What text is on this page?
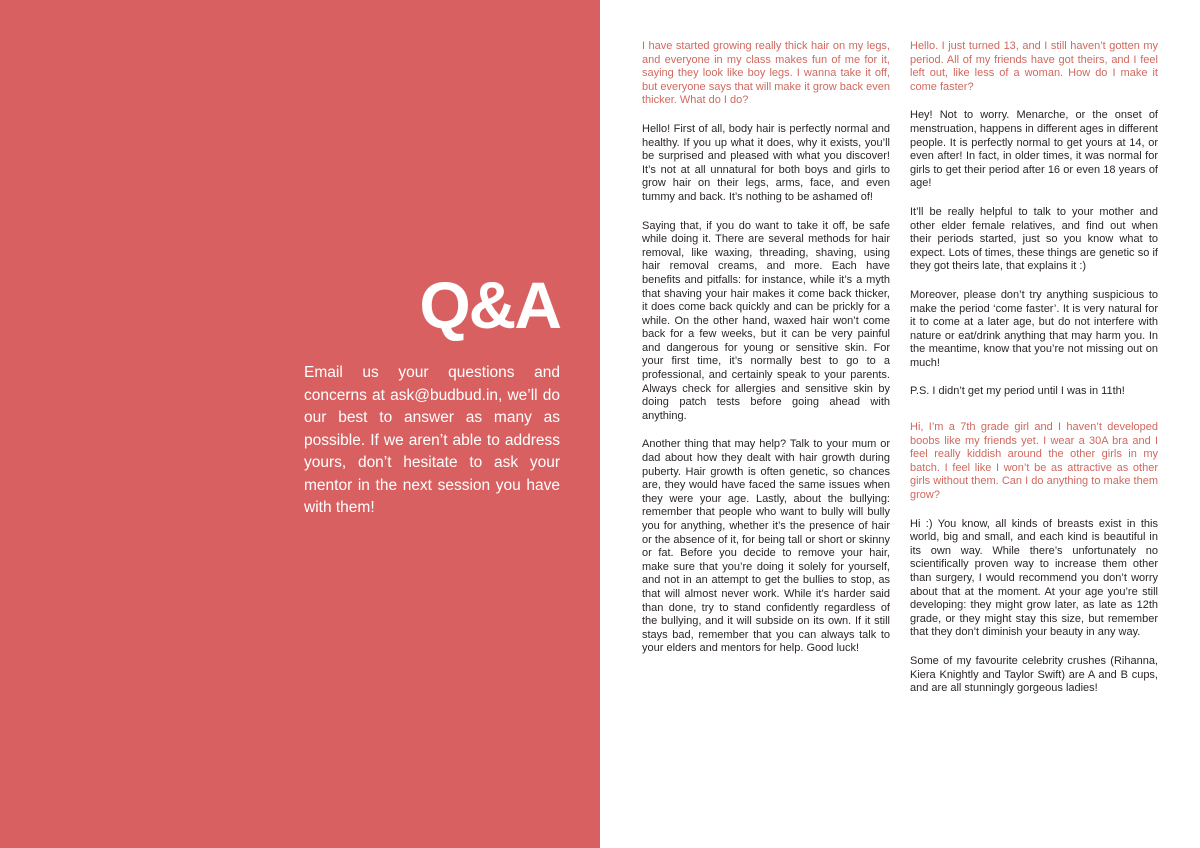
Q&A
Email us your questions and concerns at ask@budbud.in, we’ll do our best to answer as many as possible. If we aren’t able to address yours, don’t hesitate to ask your mentor in the next session you have with them!

I have started growing really thick hair on my legs, and everyone in my class makes fun of me for it, saying they look like boy legs. I wanna take it off, but everyone says that will make it grow back even thicker. What do I do?

Hello! First of all, body hair is perfectly normal and healthy. If you up what it does, why it exists, you’ll be surprised and pleased with what you discover! It’s not at all unnatural for both boys and girls to grow hair on their legs, arms, face, and even tummy and back. It’s nothing to be ashamed of!

Saying that, if you do want to take it off, be safe while doing it. There are several methods for hair removal, like waxing, threading, shaving, using hair removal creams, and more. Each have benefits and pitfalls: for instance, while it’s a myth that shaving your hair makes it come back thicker, it does come back quickly and can be prickly for a while. On the other hand, waxed hair won’t come back for a few weeks, but it can be very painful and dangerous for young or sensitive skin. For your first time, it’s normally best to go to a professional, and certainly speak to your parents. Always check for allergies and sensitive skin by doing patch tests before going ahead with anything.

Another thing that may help? Talk to your mum or dad about how they dealt with hair growth during puberty. Hair growth is often genetic, so chances are, they would have faced the same issues when they were your age. Lastly, about the bullying: remember that people who want to bully will bully you for anything, whether it’s the presence of hair or the absence of it, for being tall or short or skinny or fat. Before you decide to remove your hair, make sure that you’re doing it solely for yourself, and not in an attempt to get the bullies to stop, as that will almost never work. While it’s harder said than done, try to stand confidently regardless of the bullying, and it will subside on its own. If it still stays bad, remember that you can always talk to your elders and mentors for help. Good luck!

Hello. I just turned 13, and I still haven’t gotten my period. All of my friends have got theirs, and I feel left out, like less of a woman. How do I make it come faster?

Hey! Not to worry. Menarche, or the onset of menstruation, happens in different ages in different people. It is perfectly normal to get yours at 14, or even after! In fact, in older times, it was normal for girls to get their period after 16 or even 18 years of age!

It’ll be really helpful to talk to your mother and other elder female relatives, and find out when their periods started, just so you know what to expect. Lots of times, these things are genetic so if they got theirs late, that explains it :)

Moreover, please don’t try anything suspicious to make the period ‘come faster’. It is very natural for it to come at a later age, but do not interfere with nature or eat/drink anything that may harm you. In the meantime, know that you’re not missing out on much!

P.S. I didn’t get my period until I was in 11th!

Hi, I’m a 7th grade girl and I haven’t developed boobs like my friends yet. I wear a 30A bra and I feel really kiddish around the other girls in my batch. I feel like I won’t be as attractive as other girls without them. Can I do anything to make them grow?

Hi :) You know, all kinds of breasts exist in this world, big and small, and each kind is beautiful in its own way. While there’s unfortunately no scientifically proven way to increase them other than surgery, I would recommend you don’t worry about that at the moment. At your age you’re still developing: they might grow later, as late as 12th grade, or they might stay this size, but remember that they don’t diminish your beauty in any way.

Some of my favourite celebrity crushes (Rihanna, Kiera Knightly and Taylor Swift) are A and B cups, and are all stunningly gorgeous ladies!
